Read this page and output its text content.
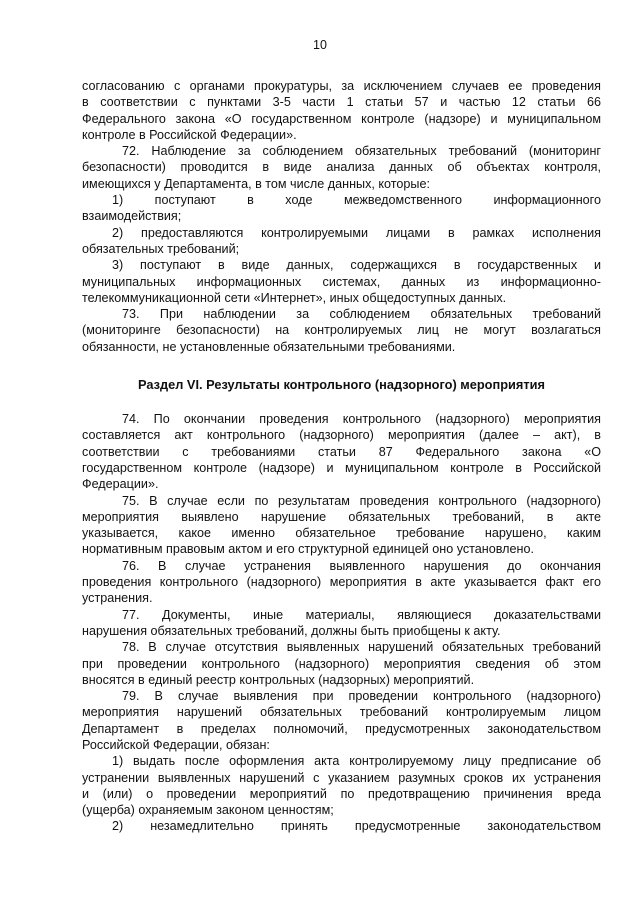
10
согласованию с органами прокуратуры, за исключением случаев ее проведения
в соответствии с пунктами 3-5 части 1 статьи 57 и частью 12 статьи 66
Федерального закона «О государственном контроле (надзоре) и муниципальном
контроле в Российской Федерации».
72. Наблюдение за соблюдением обязательных требований (мониторинг
безопасности) проводится в виде анализа данных об объектах контроля,
имеющихся у Департамента, в том числе данных, которые:
1) поступают в ходе межведомственного информационного
взаимодействия;
2) предоставляются контролируемыми лицами в рамках исполнения
обязательных требований;
3) поступают в виде данных, содержащихся в государственных и
муниципальных информационных системах, данных из информационно-
телекоммуникационной сети «Интернет», иных общедоступных данных.
73. При наблюдении за соблюдением обязательных требований
(мониторинге безопасности) на контролируемых лиц не могут возлагаться
обязанности, не установленные обязательными требованиями.
Раздел VI. Результаты контрольного (надзорного) мероприятия
74. По окончании проведения контрольного (надзорного) мероприятия
составляется акт контрольного (надзорного) мероприятия (далее – акт), в
соответствии с требованиями статьи 87 Федерального закона «О
государственном контроле (надзоре) и муниципальном контроле в Российской
Федерации».
75. В случае если по результатам проведения контрольного (надзорного)
мероприятия выявлено нарушение обязательных требований, в акте
указывается, какое именно обязательное требование нарушено, каким
нормативным правовым актом и его структурной единицей оно установлено.
76. В случае устранения выявленного нарушения до окончания
проведения контрольного (надзорного) мероприятия в акте указывается факт его
устранения.
77. Документы, иные материалы, являющиеся доказательствами
нарушения обязательных требований, должны быть приобщены к акту.
78. В случае отсутствия выявленных нарушений обязательных требований
при проведении контрольного (надзорного) мероприятия сведения об этом
вносятся в единый реестр контрольных (надзорных) мероприятий.
79. В случае выявления при проведении контрольного (надзорного)
мероприятия нарушений обязательных требований контролируемым лицом
Департамент в пределах полномочий, предусмотренных законодательством
Российской Федерации, обязан:
1) выдать после оформления акта контролируемому лицу предписание об
устранении выявленных нарушений с указанием разумных сроков их устранения
и (или) о проведении мероприятий по предотвращению причинения вреда
(ущерба) охраняемым законом ценностям;
2) незамедлительно принять предусмотренные законодательством
